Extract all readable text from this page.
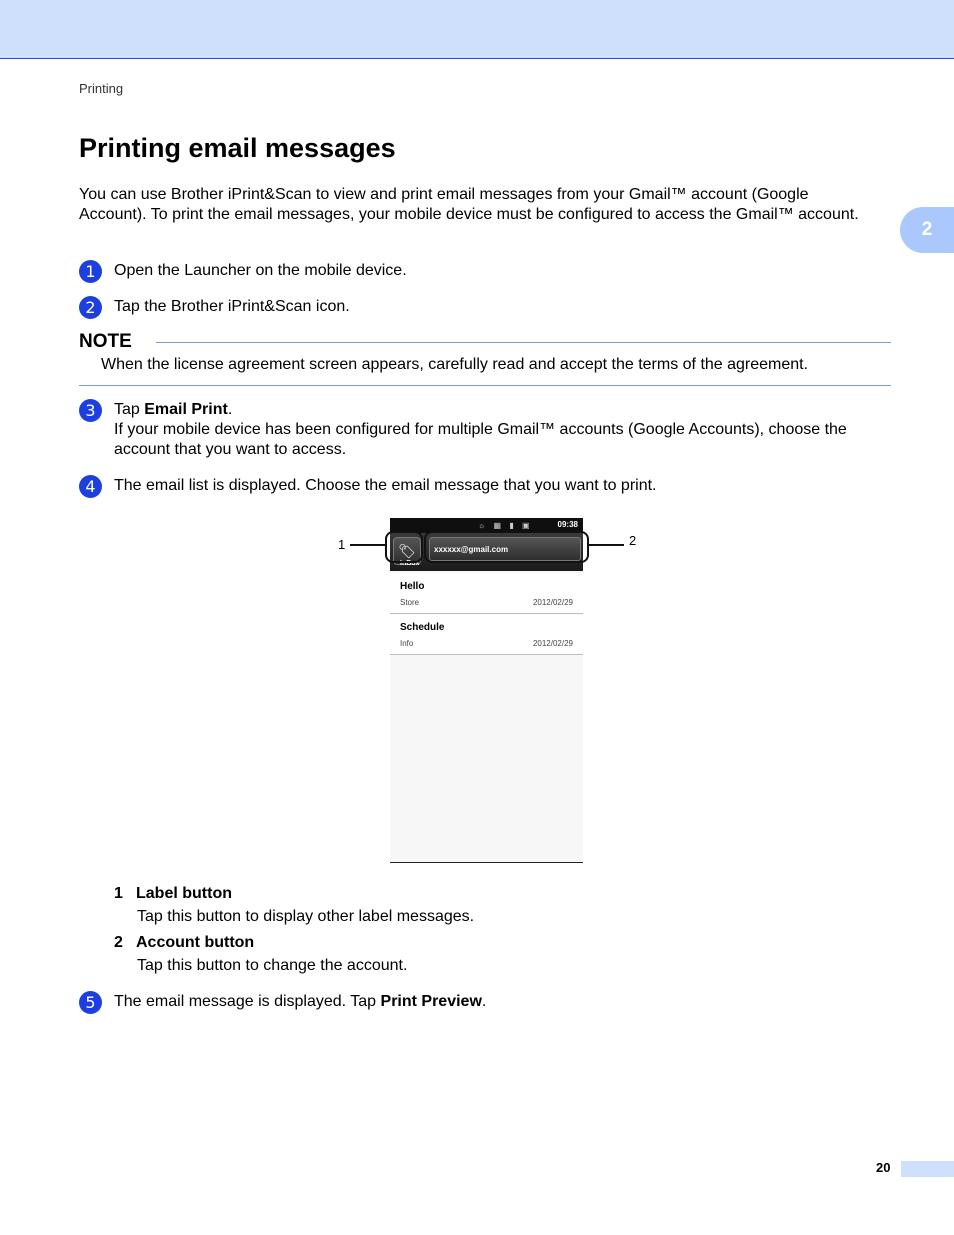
Printing
2
Printing email messages
You can use Brother iPrint&Scan to view and print email messages from your Gmail™ account (Google Account). To print the email messages, your mobile device must be configured to access the Gmail™ account.
1	Open the Launcher on the mobile device.
2	Tap the Brother iPrint&Scan icon.
NOTE
When the license agreement screen appears, carefully read and accept the terms of the agreement.
3	Tap Email Print.
If your mobile device has been configured for multiple Gmail™ accounts (Google Accounts), choose the account that you want to access.
4	The email list is displayed. Choose the email message that you want to print.
☼ ▦ ▮ ▣	09:38
🏷	xxxxxx@gmail.com
InBox
Hello
Store	2012/02/29
Schedule
Info	2012/02/29
1	2
1 Label button
Tap this button to display other label messages.
2 Account button
Tap this button to change the account.
5	The email message is displayed. Tap Print Preview.
20
